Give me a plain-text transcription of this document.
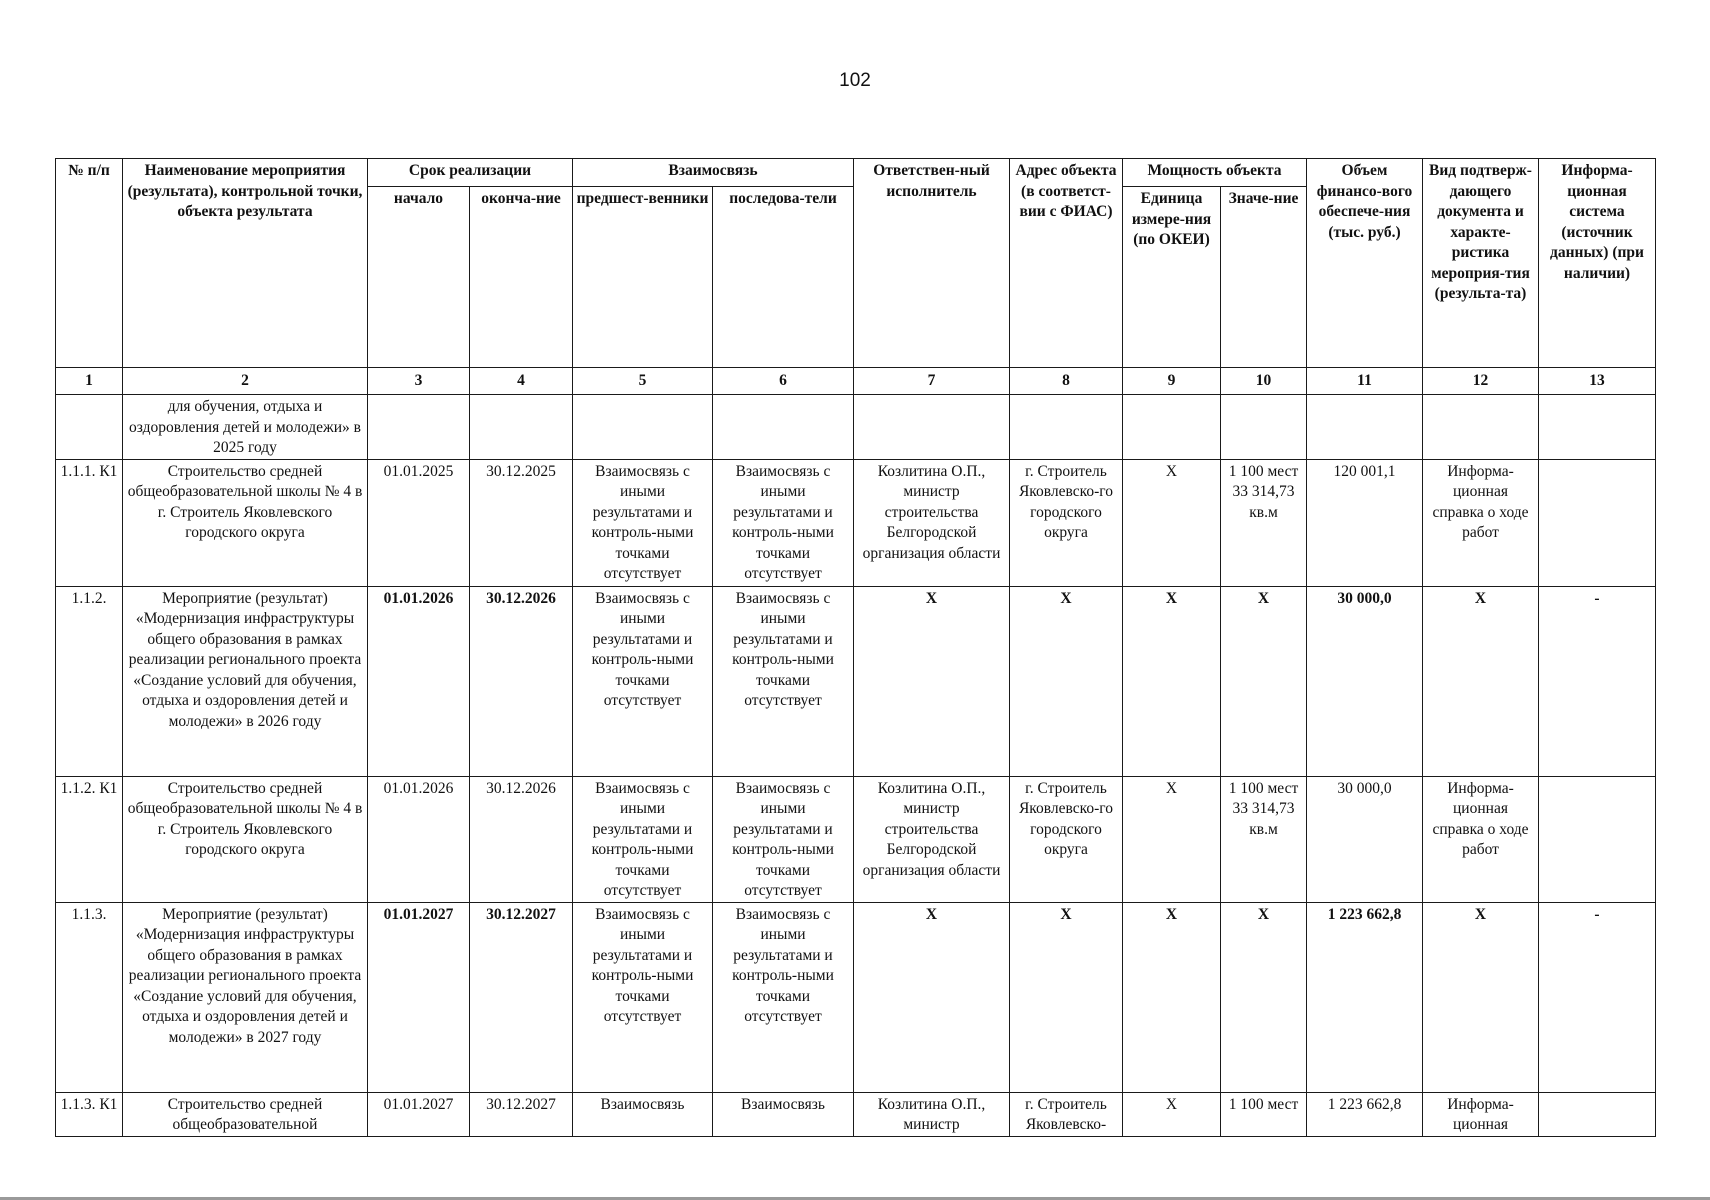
102
№ п/п	Наименование мероприятия (результата), контрольной точки, объекта результата	Срок реализации		Взаимосвязь		Ответствен-ный исполнитель	Адрес объекта (в соответст-вии с ФИАС)	Мощность объекта		Объем финансо-вого обеспече-ния (тыс. руб.)	Вид подтверж-дающего документа и характе-ристика мероприя-тия (результа-та)	Информа-ционная система (источник данных) (при наличии)
		начало	оконча-ние	предшест-венники	последова-тели			Единица измере-ния (по ОКЕИ)	Значе-ние			
1	2	3	4	5	6	7	8	9	10	11	12	13
	для обучения, отдыха и оздоровления детей и молодежи» в 2025 году											
1.1.1. К1	Строительство средней общеобразовательной школы № 4 в г. Строитель Яковлевского городского округа	01.01.2025	30.12.2025	Взаимосвязь с иными результатами и контроль-ными точками отсутствует	Взаимосвязь с иными результатами и контроль-ными точками отсутствует	Козлитина О.П., министр строительства Белгородской организация области	г. Строитель Яковлевско-го городского округа	Х	1 100 мест 33 314,73 кв.м	120 001,1	Информа-ционная справка о ходе работ	
1.1.2.	Мероприятие (результат) «Модернизация инфраструктуры общего образования в рамках реализации регионального проекта «Создание условий для обучения, отдыха и оздоровления детей и молодежи» в 2026 году	01.01.2026	30.12.2026	Взаимосвязь с иными результатами и контроль-ными точками отсутствует	Взаимосвязь с иными результатами и контроль-ными точками отсутствует	Х	Х	Х	Х	30 000,0	Х	-
1.1.2. К1	Строительство средней общеобразовательной школы № 4 в г. Строитель Яковлевского городского округа	01.01.2026	30.12.2026	Взаимосвязь с иными результатами и контроль-ными точками отсутствует	Взаимосвязь с иными результатами и контроль-ными точками отсутствует	Козлитина О.П., министр строительства Белгородской организация области	г. Строитель Яковлевско-го городского округа	Х	1 100 мест 33 314,73 кв.м	30 000,0	Информа-ционная справка о ходе работ	
1.1.3.	Мероприятие (результат) «Модернизация инфраструктуры общего образования в рамках реализации регионального проекта «Создание условий для обучения, отдыха и оздоровления детей и молодежи» в 2027 году	01.01.2027	30.12.2027	Взаимосвязь с иными результатами и контроль-ными точками отсутствует	Взаимосвязь с иными результатами и контроль-ными точками отсутствует	Х	Х	Х	Х	1 223 662,8	Х	-
1.1.3. К1	Строительство средней общеобразовательной	01.01.2027	30.12.2027	Взаимосвязь	Взаимосвязь	Козлитина О.П., министр	г. Строитель Яковлевско-	Х	1 100 мест	1 223 662,8	Информа-ционная	
